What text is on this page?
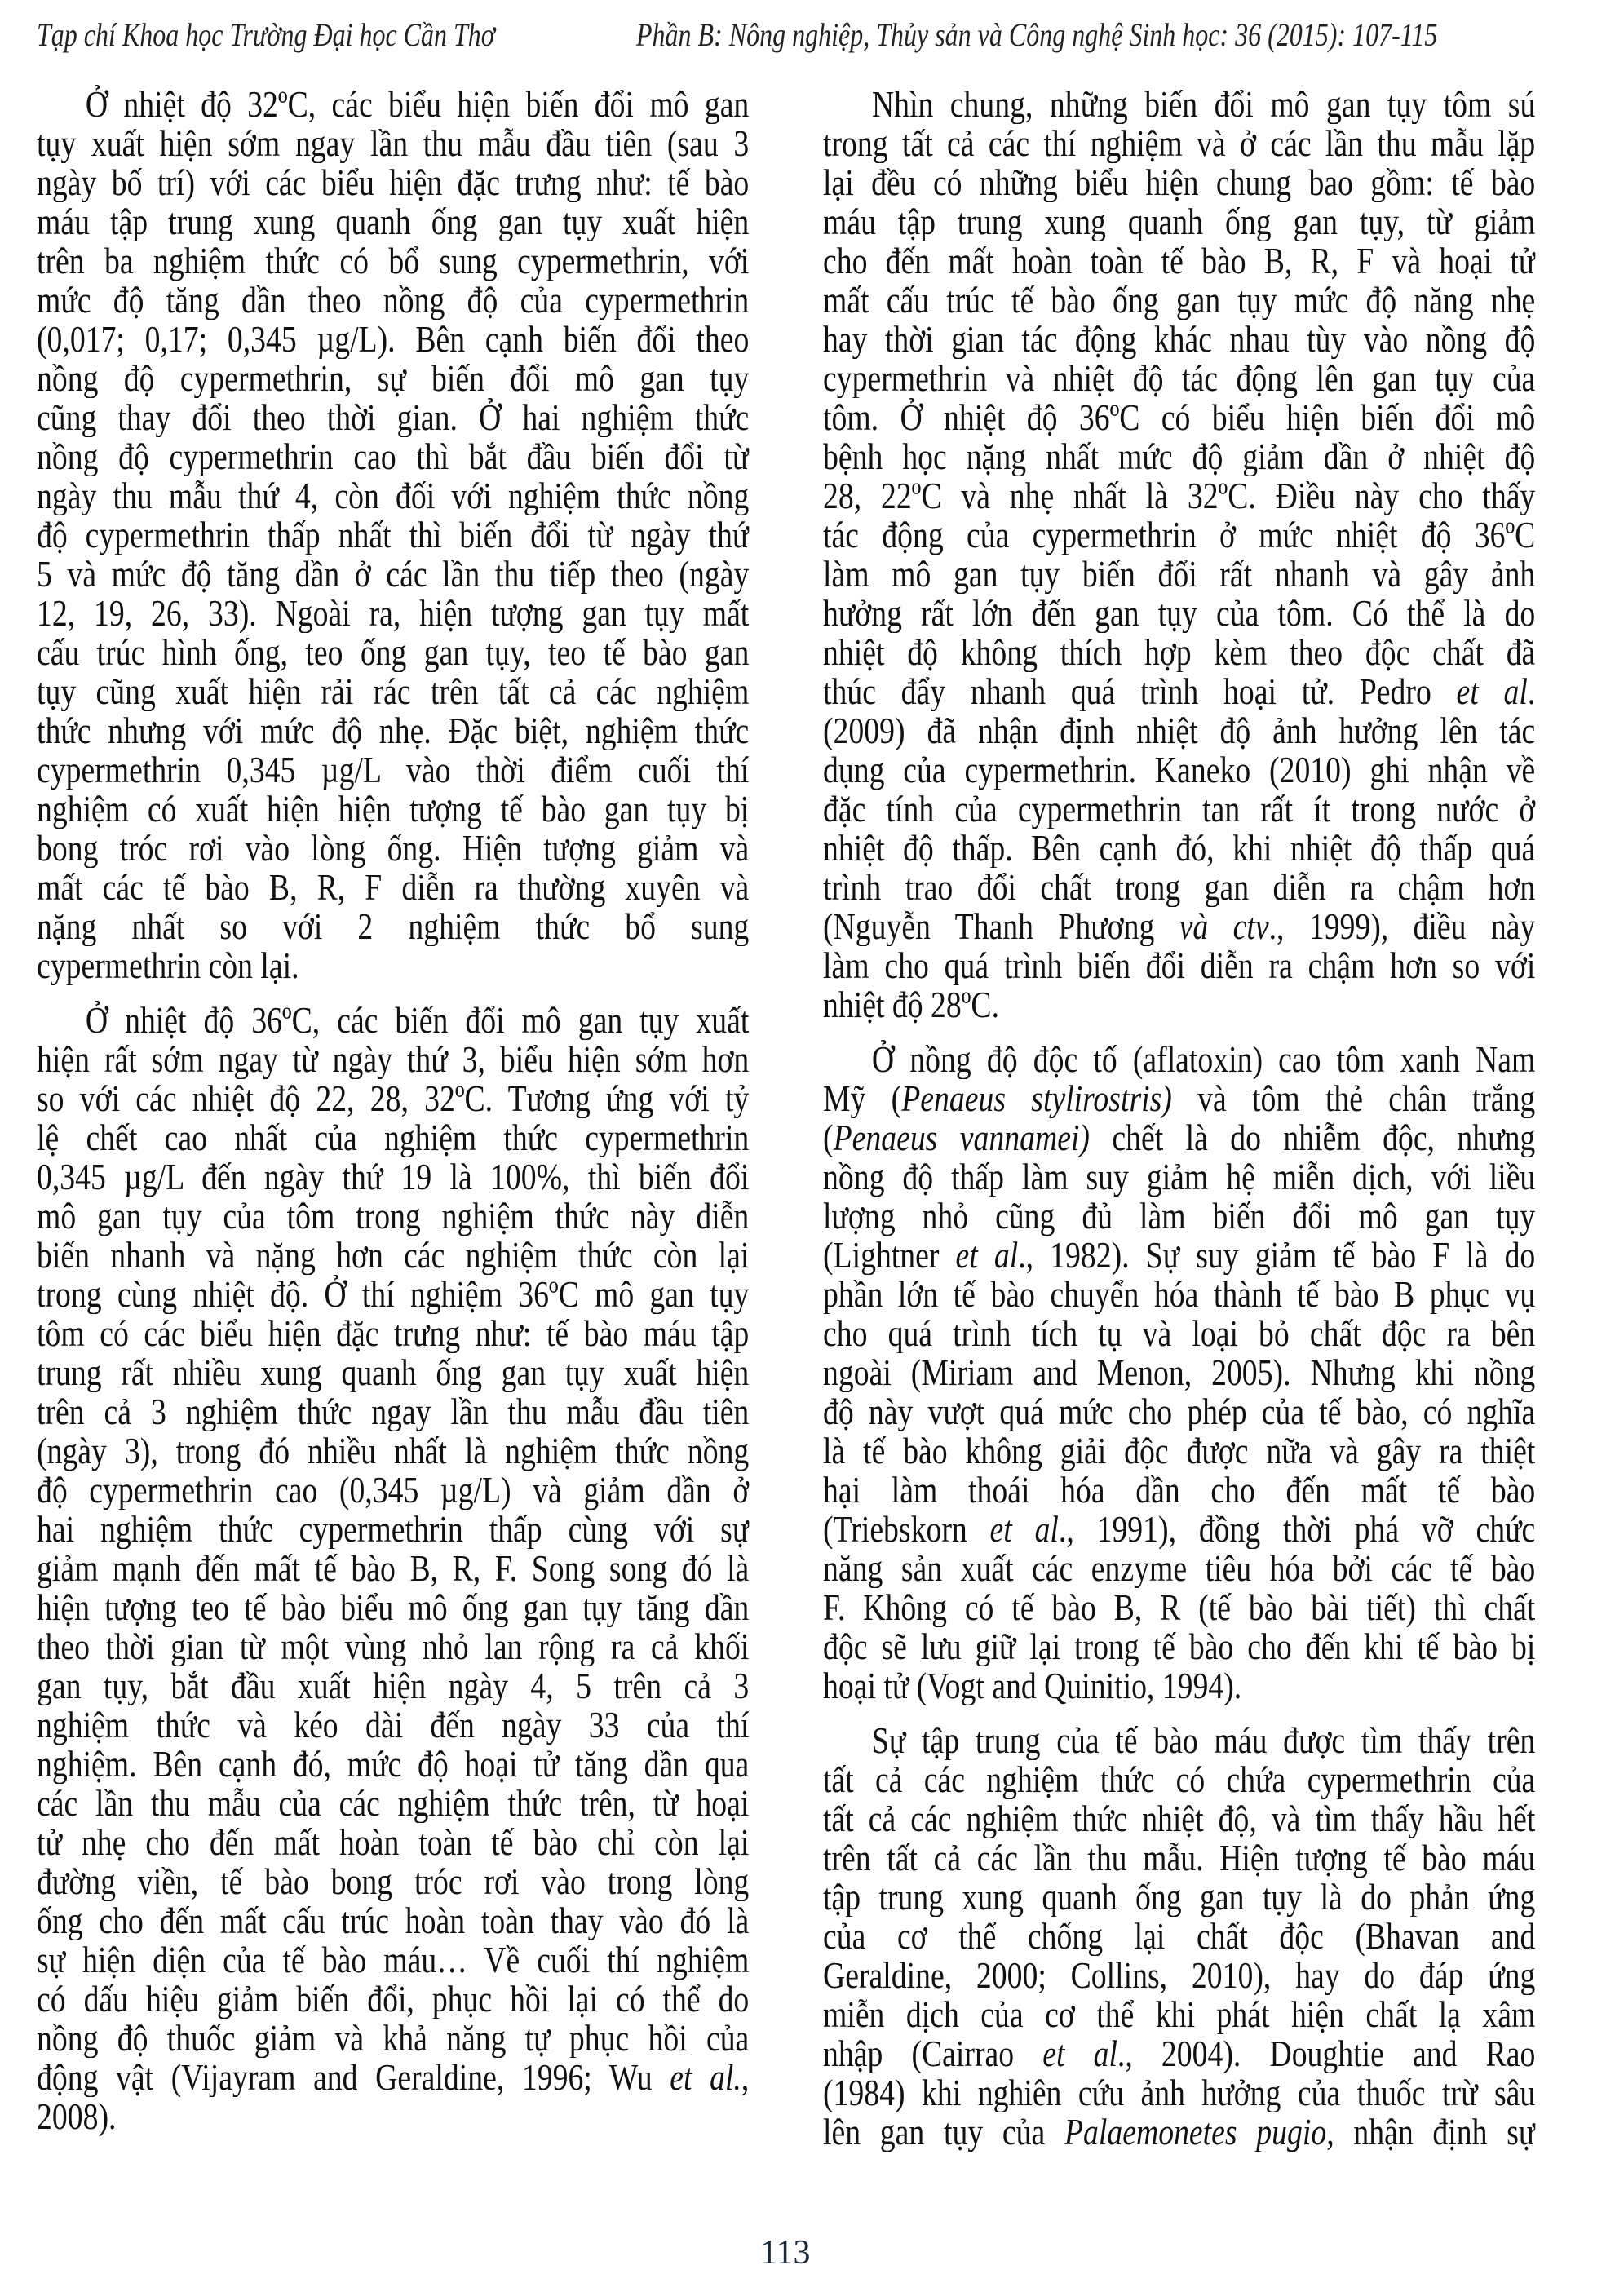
Tạp chí Khoa học Trường Đại học Cần Thơ	Phần B: Nông nghiệp, Thủy sản và Công nghệ Sinh học: 36 (2015): 107-115
Ở nhiệt độ 32ºC, các biểu hiện biến đổi mô gan
tụy xuất hiện sớm ngay lần thu mẫu đầu tiên (sau 3
ngày bố trí) với các biểu hiện đặc trưng như: tế bào
máu tập trung xung quanh ống gan tụy xuất hiện
trên ba nghiệm thức có bổ sung cypermethrin, với
mức độ tăng dần theo nồng độ của cypermethrin
(0,017; 0,17; 0,345 µg/L). Bên cạnh biến đổi theo
nồng độ cypermethrin, sự biến đổi mô gan tụy
cũng thay đổi theo thời gian. Ở hai nghiệm thức
nồng độ cypermethrin cao thì bắt đầu biến đổi từ
ngày thu mẫu thứ 4, còn đối với nghiệm thức nồng
độ cypermethrin thấp nhất thì biến đổi từ ngày thứ
5 và mức độ tăng dần ở các lần thu tiếp theo (ngày
12, 19, 26, 33). Ngoài ra, hiện tượng gan tụy mất
cấu trúc hình ống, teo ống gan tụy, teo tế bào gan
tụy cũng xuất hiện rải rác trên tất cả các nghiệm
thức nhưng với mức độ nhẹ. Đặc biệt, nghiệm thức
cypermethrin 0,345 µg/L vào thời điểm cuối thí
nghiệm có xuất hiện hiện tượng tế bào gan tụy bị
bong tróc rơi vào lòng ống. Hiện tượng giảm và
mất các tế bào B, R, F diễn ra thường xuyên và
nặng nhất so với 2 nghiệm thức bổ sung
cypermethrin còn lại.
Ở nhiệt độ 36ºC, các biến đổi mô gan tụy xuất
hiện rất sớm ngay từ ngày thứ 3, biểu hiện sớm hơn
so với các nhiệt độ 22, 28, 32ºC. Tương ứng với tỷ
lệ chết cao nhất của nghiệm thức cypermethrin
0,345 µg/L đến ngày thứ 19 là 100%, thì biến đổi
mô gan tụy của tôm trong nghiệm thức này diễn
biến nhanh và nặng hơn các nghiệm thức còn lại
trong cùng nhiệt độ. Ở thí nghiệm 36ºC mô gan tụy
tôm có các biểu hiện đặc trưng như: tế bào máu tập
trung rất nhiều xung quanh ống gan tụy xuất hiện
trên cả 3 nghiệm thức ngay lần thu mẫu đầu tiên
(ngày 3), trong đó nhiều nhất là nghiệm thức nồng
độ cypermethrin cao (0,345 µg/L) và giảm dần ở
hai nghiệm thức cypermethrin thấp cùng với sự
giảm mạnh đến mất tế bào B, R, F. Song song đó là
hiện tượng teo tế bào biểu mô ống gan tụy tăng dần
theo thời gian từ một vùng nhỏ lan rộng ra cả khối
gan tụy, bắt đầu xuất hiện ngày 4, 5 trên cả 3
nghiệm thức và kéo dài đến ngày 33 của thí
nghiệm. Bên cạnh đó, mức độ hoại tử tăng dần qua
các lần thu mẫu của các nghiệm thức trên, từ hoại
tử nhẹ cho đến mất hoàn toàn tế bào chỉ còn lại
đường viền, tế bào bong tróc rơi vào trong lòng
ống cho đến mất cấu trúc hoàn toàn thay vào đó là
sự hiện diện của tế bào máu… Về cuối thí nghiệm
có dấu hiệu giảm biến đổi, phục hồi lại có thể do
nồng độ thuốc giảm và khả năng tự phục hồi của
động vật (Vijayram and Geraldine, 1996; Wu et al.,
2008).
Nhìn chung, những biến đổi mô gan tụy tôm sú
trong tất cả các thí nghiệm và ở các lần thu mẫu lặp
lại đều có những biểu hiện chung bao gồm: tế bào
máu tập trung xung quanh ống gan tụy, từ giảm
cho đến mất hoàn toàn tế bào B, R, F và hoại tử
mất cấu trúc tế bào ống gan tụy mức độ năng nhẹ
hay thời gian tác động khác nhau tùy vào nồng độ
cypermethrin và nhiệt độ tác động lên gan tụy của
tôm. Ở nhiệt độ 36ºC có biểu hiện biến đổi mô
bệnh học nặng nhất mức độ giảm dần ở nhiệt độ
28, 22ºC và nhẹ nhất là 32ºC. Điều này cho thấy
tác động của cypermethrin ở mức nhiệt độ 36ºC
làm mô gan tụy biến đổi rất nhanh và gây ảnh
hưởng rất lớn đến gan tụy của tôm. Có thể là do
nhiệt độ không thích hợp kèm theo độc chất đã
thúc đẩy nhanh quá trình hoại tử. Pedro et al.
(2009) đã nhận định nhiệt độ ảnh hưởng lên tác
dụng của cypermethrin. Kaneko (2010) ghi nhận về
đặc tính của cypermethrin tan rất ít trong nước ở
nhiệt độ thấp. Bên cạnh đó, khi nhiệt độ thấp quá
trình trao đổi chất trong gan diễn ra chậm hơn
(Nguyễn Thanh Phương và ctv., 1999), điều này
làm cho quá trình biến đổi diễn ra chậm hơn so với
nhiệt độ 28ºC.
Ở nồng độ độc tố (aflatoxin) cao tôm xanh Nam
Mỹ (Penaeus stylirostris) và tôm thẻ chân trắng
(Penaeus vannamei) chết là do nhiễm độc, nhưng
nồng độ thấp làm suy giảm hệ miễn dịch, với liều
lượng nhỏ cũng đủ làm biến đổi mô gan tụy
(Lightner et al., 1982). Sự suy giảm tế bào F là do
phần lớn tế bào chuyển hóa thành tế bào B phục vụ
cho quá trình tích tụ và loại bỏ chất độc ra bên
ngoài (Miriam and Menon, 2005). Nhưng khi nồng
độ này vượt quá mức cho phép của tế bào, có nghĩa
là tế bào không giải độc được nữa và gây ra thiệt
hại làm thoái hóa dần cho đến mất tế bào
(Triebskorn et al., 1991), đồng thời phá vỡ chức
năng sản xuất các enzyme tiêu hóa bởi các tế bào
F. Không có tế bào B, R (tế bào bài tiết) thì chất
độc sẽ lưu giữ lại trong tế bào cho đến khi tế bào bị
hoại tử (Vogt and Quinitio, 1994).
Sự tập trung của tế bào máu được tìm thấy trên
tất cả các nghiệm thức có chứa cypermethrin của
tất cả các nghiệm thức nhiệt độ, và tìm thấy hầu hết
trên tất cả các lần thu mẫu. Hiện tượng tế bào máu
tập trung xung quanh ống gan tụy là do phản ứng
của cơ thể chống lại chất độc (Bhavan and
Geraldine, 2000; Collins, 2010), hay do đáp ứng
miễn dịch của cơ thể khi phát hiện chất lạ xâm
nhập (Cairrao et al., 2004). Doughtie and Rao
(1984) khi nghiên cứu ảnh hưởng của thuốc trừ sâu
lên gan tụy của Palaemonetes pugio, nhận định sự
113
